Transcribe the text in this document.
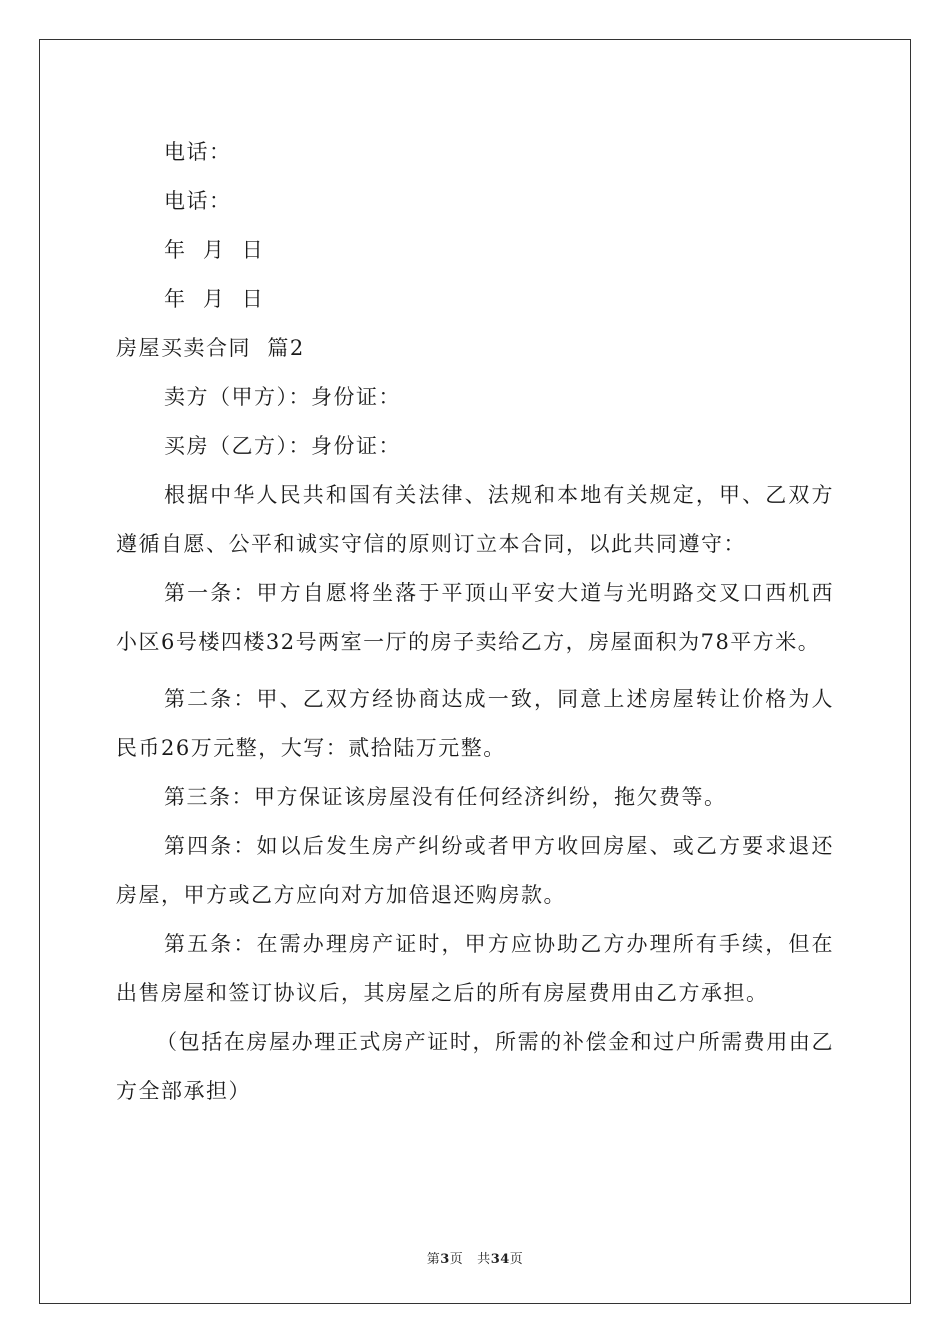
电话：

电话：

年  月  日

年  月  日

房屋买卖合同  篇2

卖方（甲方）：身份证：

买房（乙方）：身份证：

根据中华人民共和国有关法律、法规和本地有关规定，甲、乙双方遵循自愿、公平和诚实守信的原则订立本合同，以此共同遵守：

第一条：甲方自愿将坐落于平顶山平安大道与光明路交叉口西机西小区6号楼四楼32号两室一厅的房子卖给乙方，房屋面积为78平方米。

第二条：甲、乙双方经协商达成一致，同意上述房屋转让价格为人民币26万元整，大写：贰拾陆万元整。

第三条：甲方保证该房屋没有任何经济纠纷，拖欠费等。

第四条：如以后发生房产纠纷或者甲方收回房屋、或乙方要求退还房屋，甲方或乙方应向对方加倍退还购房款。

第五条：在需办理房产证时，甲方应协助乙方办理所有手续，但在出售房屋和签订协议后，其房屋之后的所有房屋费用由乙方承担。

（包括在房屋办理正式房产证时，所需的补偿金和过户所需费用由乙方全部承担）

第3页 共34页
